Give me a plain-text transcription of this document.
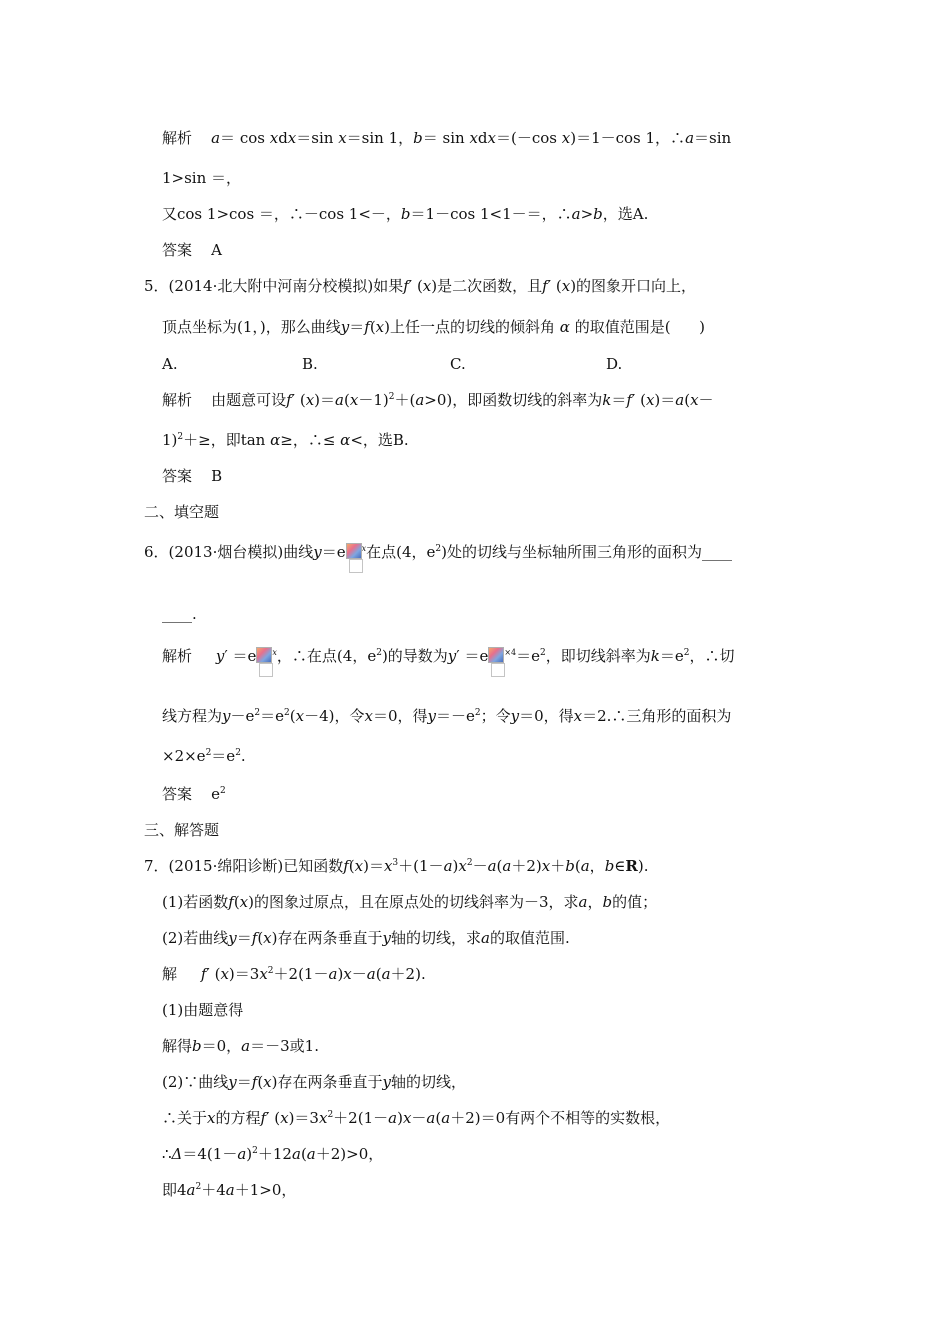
解析 a＝ cos xdx＝sin x＝sin 1，b＝ sin xdx＝(－cos x)＝1－cos 1，∴a＝sin
1>sin ＝，
又cos 1>cos ＝，∴－cos 1<－，b＝1－cos 1<1－＝，∴a>b，选A.
答案 A
5．(2014·北大附中河南分校模拟)如果f′ (x)是二次函数，且f′ (x)的图象开口向上，
顶点坐标为(1，)，那么曲线y＝f(x)上任一点的切线的倾斜角 α 的取值范围是( )
A.	B.	C.	D.
解析 由题意可设f′ $(x)=a(x-1)^2+(a>0)$，即函数切线的斜率为k＝f′ (x)＝a(x－
1)$^2$＋≥，即tan α≥，∴≤ α<，选B.
答案 B
二、填空题
6．(2013·烟台模拟)曲线y＝e $^x$在点(4，$e^2$)处的切线与坐标轴所围三角形的面积为____
____.
解析 y′ ＝e $^x$，∴在点(4，$e^2$)的导数为y′ ＝e $^{\times 4}=e^2$，即切线斜率为$k=e^2$，∴切
线方程为$y-e^2=e^2(x-4)$，令x＝0，得$y=-e^2$；令y＝0，得x＝2.∴三角形的面积为
$\times 2\times e^2=e^2$.
答案 $e^2$
三、解答题
7．(2015·绵阳诊断)已知函数$f(x)=x^3+(1-a)x^2-a(a+2)x+b(a$，b∈R).
(1)若函数f(x)的图象过原点，且在原点处的切线斜率为－3，求a，b的值；
(2)若曲线y＝f(x)存在两条垂直于y轴的切线，求a的取值范围.
解 f′ $(x)=3x^2+2(1-a)x-a(a+2)$.
(1)由题意得
解得b＝0，a＝－3或1.
(2)∵曲线y＝f(x)存在两条垂直于y轴的切线，
∴关于x的方程f′ $(x)=3x^2+2(1-a)x-a(a+2)=0$有两个不相等的实数根，
$\therefore\Delta=4(1-a)^2+12a(a+2)>0$，
即$4a^2+4a+1>0$，
